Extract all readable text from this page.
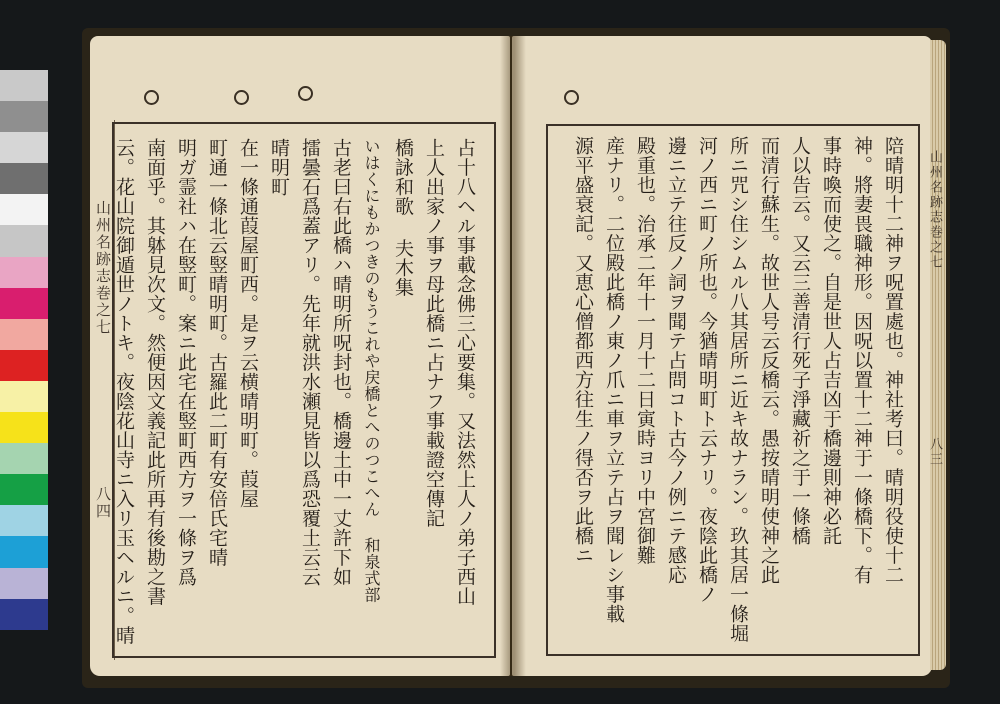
山州名跡志巻之七 八四	占十八ヘル事載念佛三心要集。又法然上人ノ弟子西山
上人出家ノ事ヲ母此橋ニ占ナフ事載證空傳記
橋詠和歌 夫木集
いはくにもかつきのもうこれや戻橋とへのつこへん 和泉式部
古老曰右此橋ハ晴明所呪封也。橋邊土中一丈許下如
擂曇石爲蓋アリ。先年就洪水瀬見皆以爲恐覆土云云
晴明町
在一條通葭屋町西。是ヲ云横晴明町。葭屋
町通一條北云竪晴明町。古羅此二町有安倍氏宅晴
明ガ霊社ハ在竪町。案ニ此宅在竪町西方ヲ一條ヲ爲
南面乎。其躰見次文。然便因文義記此所再有後勘之書
云。花山院御遁世ノトキ。夜陰花山寺ニ入リ玉ヘルニ。晴	陪晴明十二神ヲ呪置處也。神社考曰。晴明役使十二
神。將妻畏職神形。因呪以置十二神于一條橋下。有
事時喚而使之。自是世人占吉凶于橋邊則神必託
人以告云。又云三善清行死子淨藏祈之于一條橋
而清行蘇生。故世人号云反橋云。愚按晴明使神之此
所ニ咒シ住シムル八其居所ニ近キ故ナラン。玖其居一條堀
河ノ西ニ町ノ所也。今猶晴明町ト云ナリ。夜陰此橋ノ
邊ニ立テ往反ノ詞ヲ聞テ占問コト古今ノ例ニテ感応
殿重也。治承二年十一月十二日寅時ヨリ中宮御難
産ナリ。二位殿此橋ノ東ノ爪ニ車ヲ立テ占ヲ聞レシ事載
源平盛衰記。又恵心僧都西方往生ノ得否ヲ此橋ニ	山州名跡志巻之七 八三
